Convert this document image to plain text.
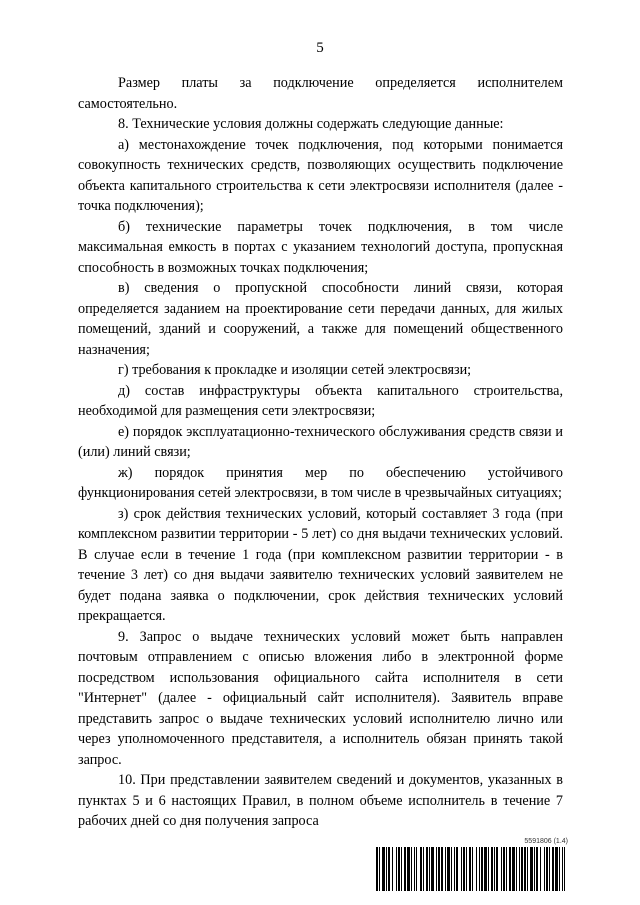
5

Размер платы за подключение определяется исполнителем самостоятельно.

8. Технические условия должны содержать следующие данные:

а) местонахождение точек подключения, под которыми понимается совокупность технических средств, позволяющих осуществить подключение объекта капитального строительства к сети электросвязи исполнителя (далее - точка подключения);

б) технические параметры точек подключения, в том числе максимальная емкость в портах с указанием технологий доступа, пропускная способность в возможных точках подключения;

в) сведения о пропускной способности линий связи, которая определяется заданием на проектирование сети передачи данных, для жилых помещений, зданий и сооружений, а также для помещений общественного назначения;

г) требования к прокладке и изоляции сетей электросвязи;

д) состав инфраструктуры объекта капитального строительства, необходимой для размещения сети электросвязи;

е) порядок эксплуатационно-технического обслуживания средств связи и (или) линий связи;

ж) порядок принятия мер по обеспечению устойчивого функционирования сетей электросвязи, в том числе в чрезвычайных ситуациях;

з) срок действия технических условий, который составляет 3 года (при комплексном развитии территории - 5 лет) со дня выдачи технических условий. В случае если в течение 1 года (при комплексном развитии территории - в течение 3 лет) со дня выдачи заявителю технических условий заявителем не будет подана заявка о подключении, срок действия технических условий прекращается.

9. Запрос о выдаче технических условий может быть направлен почтовым отправлением с описью вложения либо в электронной форме посредством использования официального сайта исполнителя в сети "Интернет" (далее - официальный сайт исполнителя). Заявитель вправе представить запрос о выдаче технических условий исполнителю лично или через уполномоченного представителя, а исполнитель обязан принять такой запрос.

10. При представлении заявителем сведений и документов, указанных в пунктах 5 и 6 настоящих Правил, в полном объеме исполнитель в течение 7 рабочих дней со дня получения запроса

5591806 (1.4)
